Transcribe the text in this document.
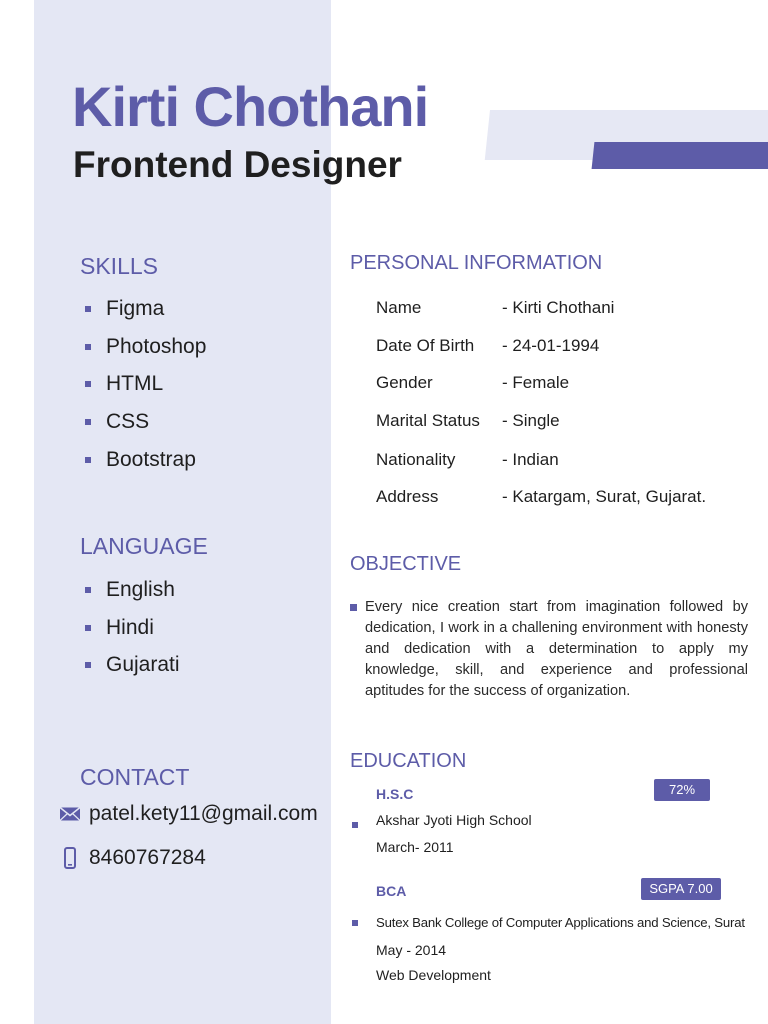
Kirti Chothani
Frontend Designer
SKILLS
Figma
Photoshop
HTML
CSS
Bootstrap
LANGUAGE
English
Hindi
Gujarati
CONTACT
patel.kety11@gmail.com
8460767284
PERSONAL INFORMATION
Name	- Kirti Chothani
Date Of Birth - 24-01-1994
Gender	- Female
Marital Status - Single
Nationality	- Indian
Address	- Katargam, Surat, Gujarat.
OBJECTIVE

Every nice creation start from imagination followed by dedication, I work in a challening environment with honesty and dedication with a determination to apply my knowledge, skill, and experience and professional aptitudes for the success of organization.

EDUCATION
H.S.C	72%
Akshar Jyoti High School
March- 2011
BCA	SGPA 7.00
Sutex Bank College of Computer Applications and Science, Surat
May - 2014
Web Development
